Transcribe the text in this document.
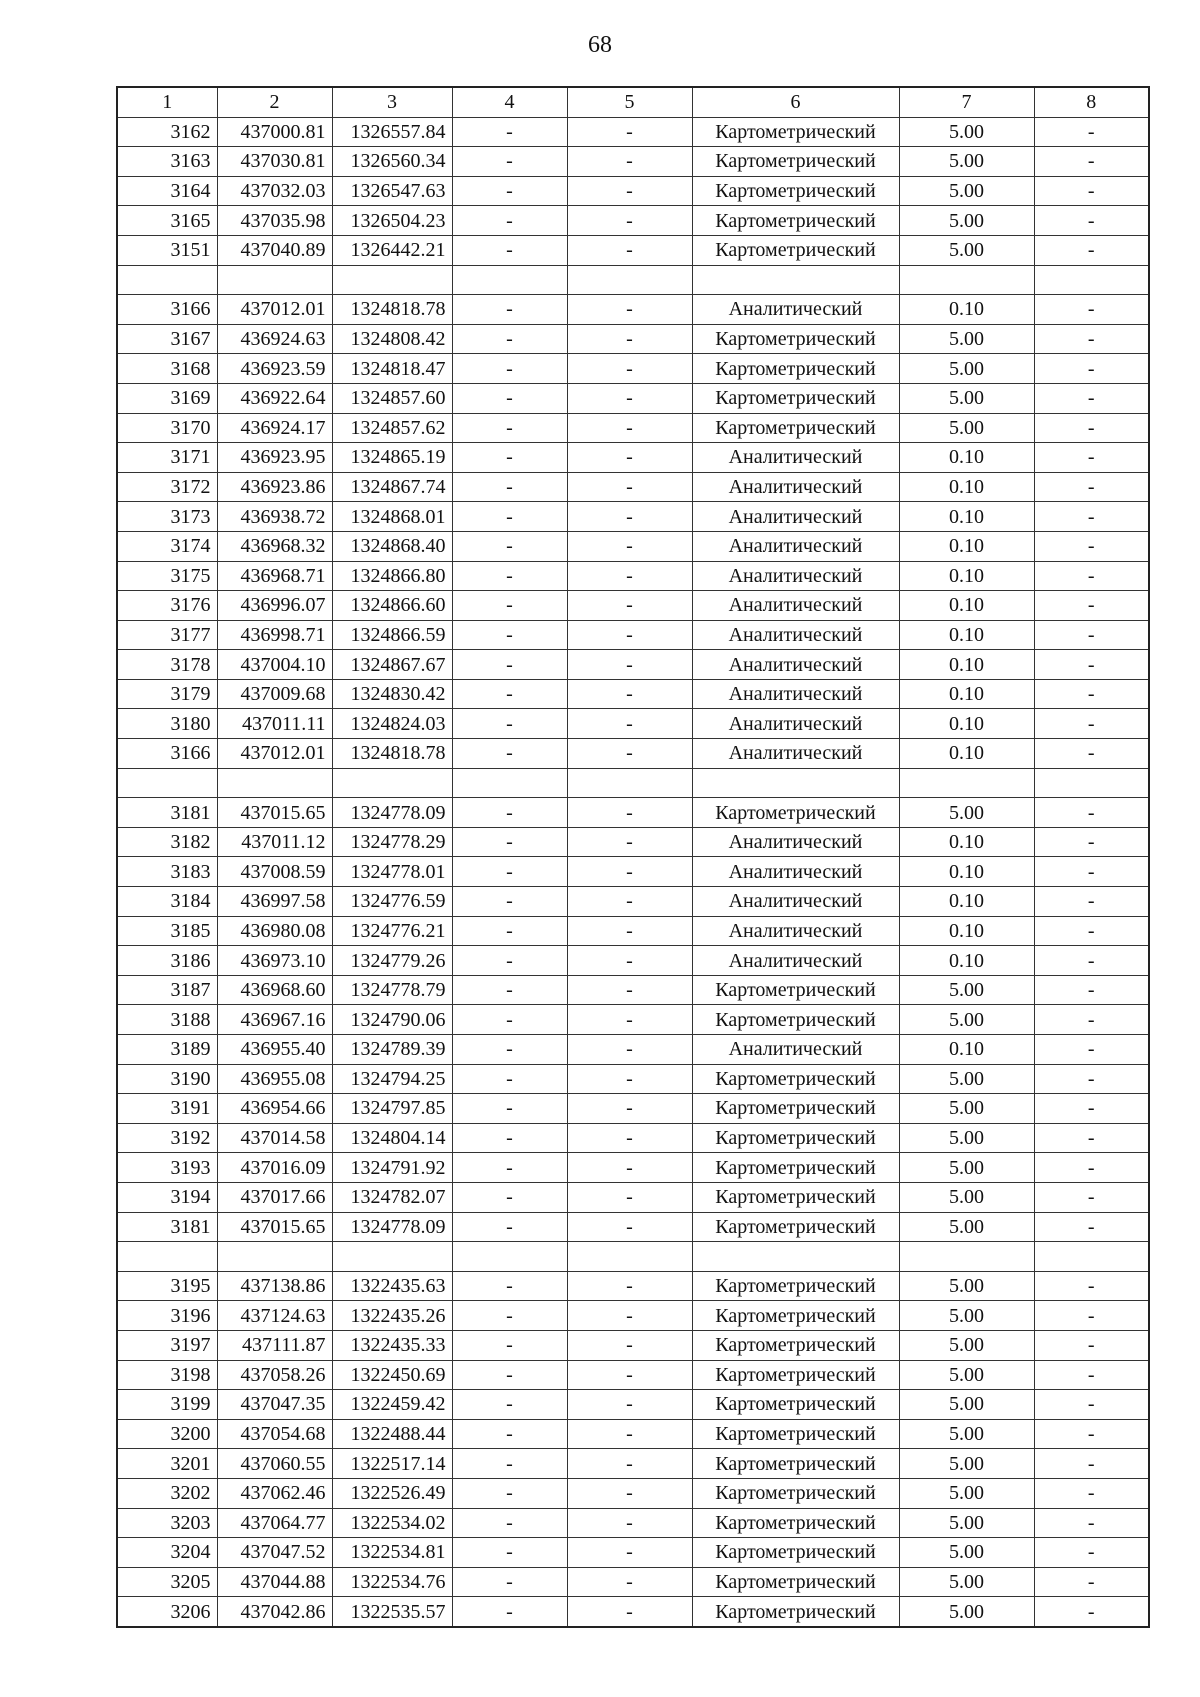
68
1	2	3	4	5	6	7	8
3162	437000.81	1326557.84	-	-	Картометрический	5.00	-
3163	437030.81	1326560.34	-	-	Картометрический	5.00	-
3164	437032.03	1326547.63	-	-	Картометрический	5.00	-
3165	437035.98	1326504.23	-	-	Картометрический	5.00	-
3151	437040.89	1326442.21	-	-	Картометрический	5.00	-

3166	437012.01	1324818.78	-	-	Аналитический	0.10	-
3167	436924.63	1324808.42	-	-	Картометрический	5.00	-
3168	436923.59	1324818.47	-	-	Картометрический	5.00	-
3169	436922.64	1324857.60	-	-	Картометрический	5.00	-
3170	436924.17	1324857.62	-	-	Картометрический	5.00	-
3171	436923.95	1324865.19	-	-	Аналитический	0.10	-
3172	436923.86	1324867.74	-	-	Аналитический	0.10	-
3173	436938.72	1324868.01	-	-	Аналитический	0.10	-
3174	436968.32	1324868.40	-	-	Аналитический	0.10	-
3175	436968.71	1324866.80	-	-	Аналитический	0.10	-
3176	436996.07	1324866.60	-	-	Аналитический	0.10	-
3177	436998.71	1324866.59	-	-	Аналитический	0.10	-
3178	437004.10	1324867.67	-	-	Аналитический	0.10	-
3179	437009.68	1324830.42	-	-	Аналитический	0.10	-
3180	437011.11	1324824.03	-	-	Аналитический	0.10	-
3166	437012.01	1324818.78	-	-	Аналитический	0.10	-

3181	437015.65	1324778.09	-	-	Картометрический	5.00	-
3182	437011.12	1324778.29	-	-	Аналитический	0.10	-
3183	437008.59	1324778.01	-	-	Аналитический	0.10	-
3184	436997.58	1324776.59	-	-	Аналитический	0.10	-
3185	436980.08	1324776.21	-	-	Аналитический	0.10	-
3186	436973.10	1324779.26	-	-	Аналитический	0.10	-
3187	436968.60	1324778.79	-	-	Картометрический	5.00	-
3188	436967.16	1324790.06	-	-	Картометрический	5.00	-
3189	436955.40	1324789.39	-	-	Аналитический	0.10	-
3190	436955.08	1324794.25	-	-	Картометрический	5.00	-
3191	436954.66	1324797.85	-	-	Картометрический	5.00	-
3192	437014.58	1324804.14	-	-	Картометрический	5.00	-
3193	437016.09	1324791.92	-	-	Картометрический	5.00	-
3194	437017.66	1324782.07	-	-	Картометрический	5.00	-
3181	437015.65	1324778.09	-	-	Картометрический	5.00	-

3195	437138.86	1322435.63	-	-	Картометрический	5.00	-
3196	437124.63	1322435.26	-	-	Картометрический	5.00	-
3197	437111.87	1322435.33	-	-	Картометрический	5.00	-
3198	437058.26	1322450.69	-	-	Картометрический	5.00	-
3199	437047.35	1322459.42	-	-	Картометрический	5.00	-
3200	437054.68	1322488.44	-	-	Картометрический	5.00	-
3201	437060.55	1322517.14	-	-	Картометрический	5.00	-
3202	437062.46	1322526.49	-	-	Картометрический	5.00	-
3203	437064.77	1322534.02	-	-	Картометрический	5.00	-
3204	437047.52	1322534.81	-	-	Картометрический	5.00	-
3205	437044.88	1322534.76	-	-	Картометрический	5.00	-
3206	437042.86	1322535.57	-	-	Картометрический	5.00	-
